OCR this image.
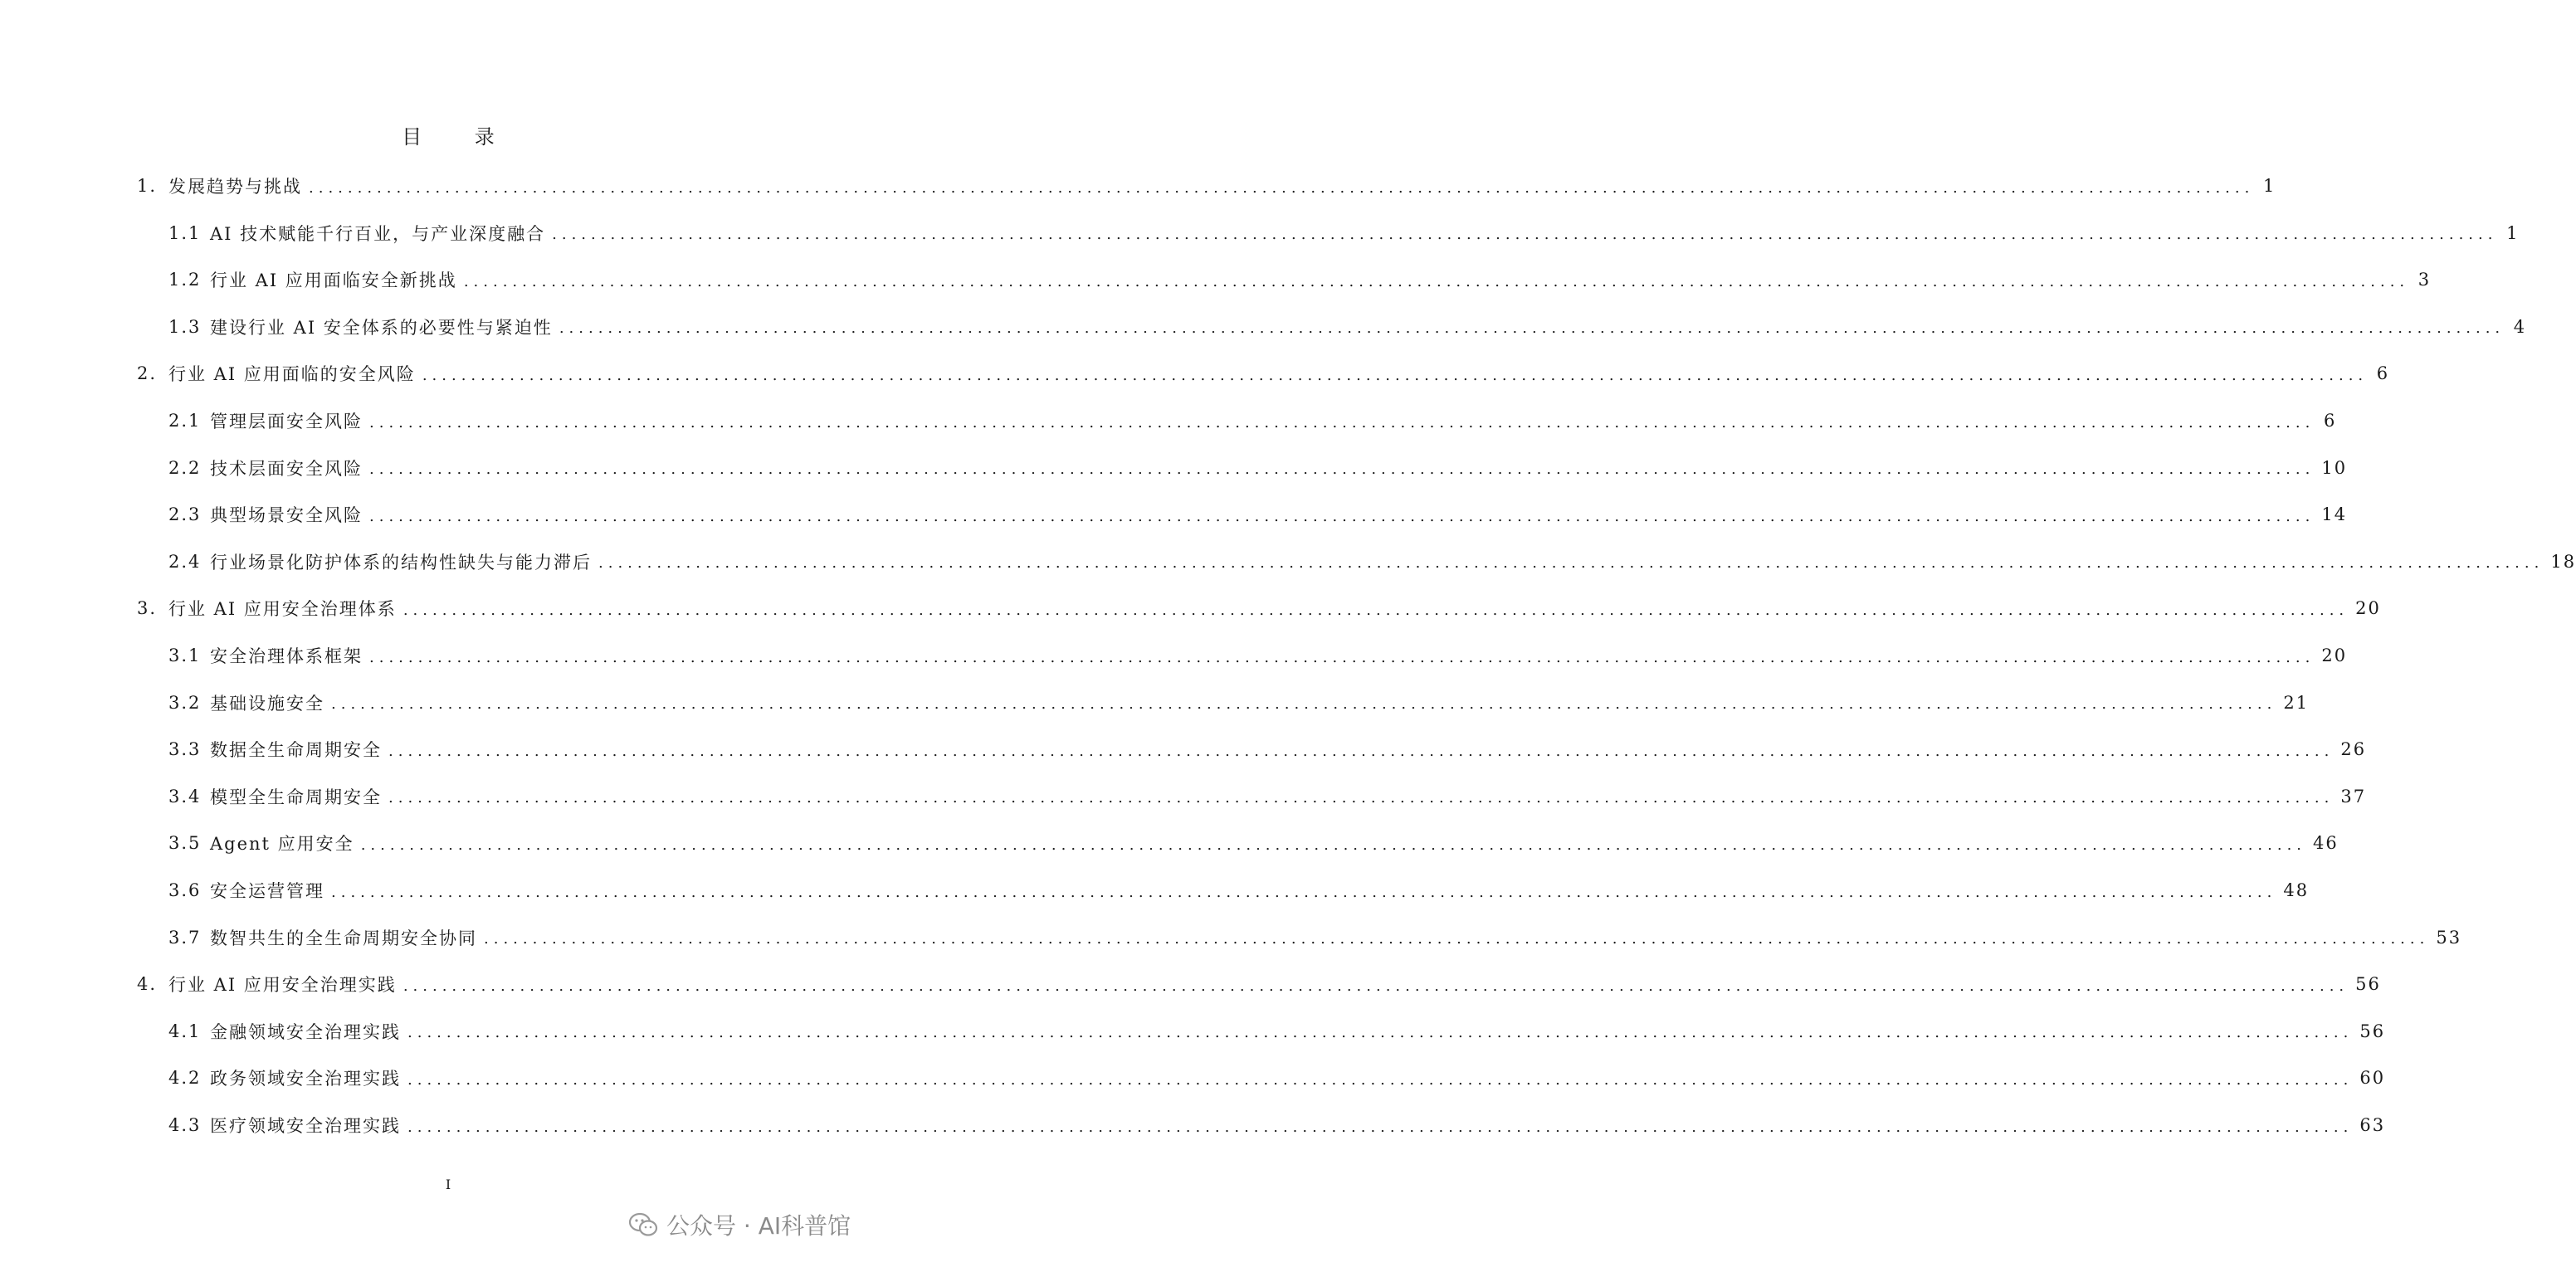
目 录
1. 发展趋势与挑战 ........................................................................................................................................................................................................ 1
1.1 AI 技术赋能千行百业，与产业深度融合 ........................................................................................................................................................................................................ 1
1.2 行业 AI 应用面临安全新挑战 ........................................................................................................................................................................................................ 3
1.3 建设行业 AI 安全体系的必要性与紧迫性 ........................................................................................................................................................................................................ 4
2. 行业 AI 应用面临的安全风险 ........................................................................................................................................................................................................ 6
2.1 管理层面安全风险 ........................................................................................................................................................................................................ 6
2.2 技术层面安全风险 ........................................................................................................................................................................................................ 10
2.3 典型场景安全风险 ........................................................................................................................................................................................................ 14
2.4 行业场景化防护体系的结构性缺失与能力滞后 ........................................................................................................................................................................................................ 18
3. 行业 AI 应用安全治理体系 ........................................................................................................................................................................................................ 20
3.1 安全治理体系框架 ........................................................................................................................................................................................................ 20
3.2 基础设施安全 ........................................................................................................................................................................................................ 21
3.3 数据全生命周期安全 ........................................................................................................................................................................................................ 26
3.4 模型全生命周期安全 ........................................................................................................................................................................................................ 37
3.5 Agent 应用安全 ........................................................................................................................................................................................................ 46
3.6 安全运营管理 ........................................................................................................................................................................................................ 48
3.7 数智共生的全生命周期安全协同 ........................................................................................................................................................................................................ 53
4. 行业 AI 应用安全治理实践 ........................................................................................................................................................................................................ 56
4.1 金融领域安全治理实践 ........................................................................................................................................................................................................ 56
4.2 政务领域安全治理实践 ........................................................................................................................................................................................................ 60
4.3 医疗领域安全治理实践 ........................................................................................................................................................................................................ 63
I
公众号 · AI科普馆
